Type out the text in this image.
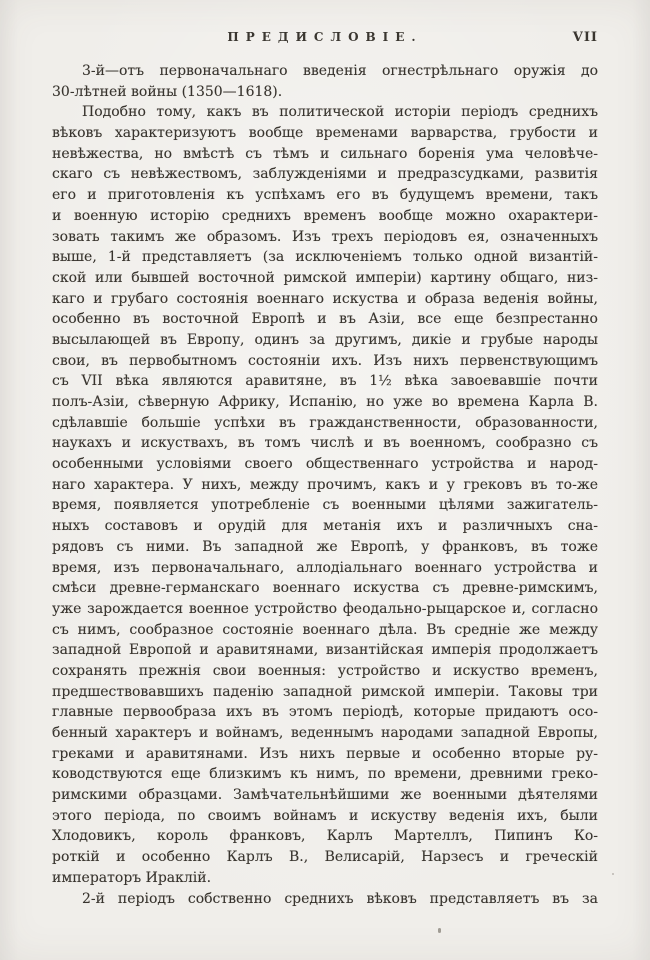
ПРЕДИСЛОВІЕ.	VII
3-й—отъ первоначальнаго введенія огнестрѣльнаго оружія до
30-лѣтней войны (1350—1618).
Подобно тому, какъ въ политической исторіи періодъ среднихъ
вѣковъ характеризуютъ вообще временами варварства, грубости и
невѣжества, но вмѣстѣ съ тѣмъ и сильнаго боренія ума человѣче-
скаго съ невѣжествомъ, заблужденіями и предразсудками, развитія
его и приготовленія къ успѣхамъ его въ будущемъ времени, такъ
и военную исторію среднихъ временъ вообще можно охарактери-
зовать такимъ же образомъ. Изъ трехъ періодовъ ея, означенныхъ
выше, 1-й представляетъ (за исключеніемъ только одной византій-
ской или бывшей восточной римской имперіи) картину общаго, низ-
каго и грубаго состоянія военнаго искуства и образа веденія войны,
особенно въ восточной Европѣ и въ Азіи, все еще безпрестанно
высылающей въ Европу, одинъ за другимъ, дикіе и грубые народы
свои, въ первобытномъ состояніи ихъ. Изъ нихъ первенствующимъ
съ VII вѣка являются аравитяне, въ 1½ вѣка завоевавшіе почти
полъ-Азіи, сѣверную Африку, Испанію, но уже во времена Карла В.
сдѣлавшіе большіе успѣхи въ гражданственности, образованности,
наукахъ и искуствахъ, въ томъ числѣ и въ военномъ, сообразно съ
особенными условіями своего общественнаго устройства и народ-
наго характера. У нихъ, между прочимъ, какъ и у грековъ въ то-же
время, появляется употребленіе съ военными цѣлями зажигатель-
ныхъ составовъ и орудій для метанія ихъ и различныхъ сна-
рядовъ съ ними. Въ западной же Европѣ, у франковъ, въ тоже
время, изъ первоначальнаго, аллодіальнаго военнаго устройства и
смѣси древне-германскаго военнаго искуства съ древне-римскимъ,
уже зарождается военное устройство феодально-рыцарское и, согласно
съ нимъ, сообразное состояніе военнаго дѣла. Въ средніе же между
западной Европой и аравитянами, византійская имперія продолжаетъ
сохранять прежнія свои военныя: устройство и искуство временъ,
предшествовавшихъ паденію западной римской имперіи. Таковы три
главные первообраза ихъ въ этомъ періодѣ, которые придаютъ осо-
бенный характеръ и войнамъ, веденнымъ народами западной Европы,
греками и аравитянами. Изъ нихъ первые и особенно вторые ру-
ководствуются еще близкимъ къ нимъ, по времени, древними греко-
римскими образцами. Замѣчательнѣйшими же военными дѣятелями
этого періода, по своимъ войнамъ и искуству веденія ихъ, были
Хлодовикъ, король франковъ, Карлъ Мартеллъ, Пипинъ Ко-
роткій и особенно Карлъ В., Велисарій, Нарзесъ и греческій
императоръ Ираклій.
2-й періодъ собственно среднихъ вѣковъ представляетъ въ за
